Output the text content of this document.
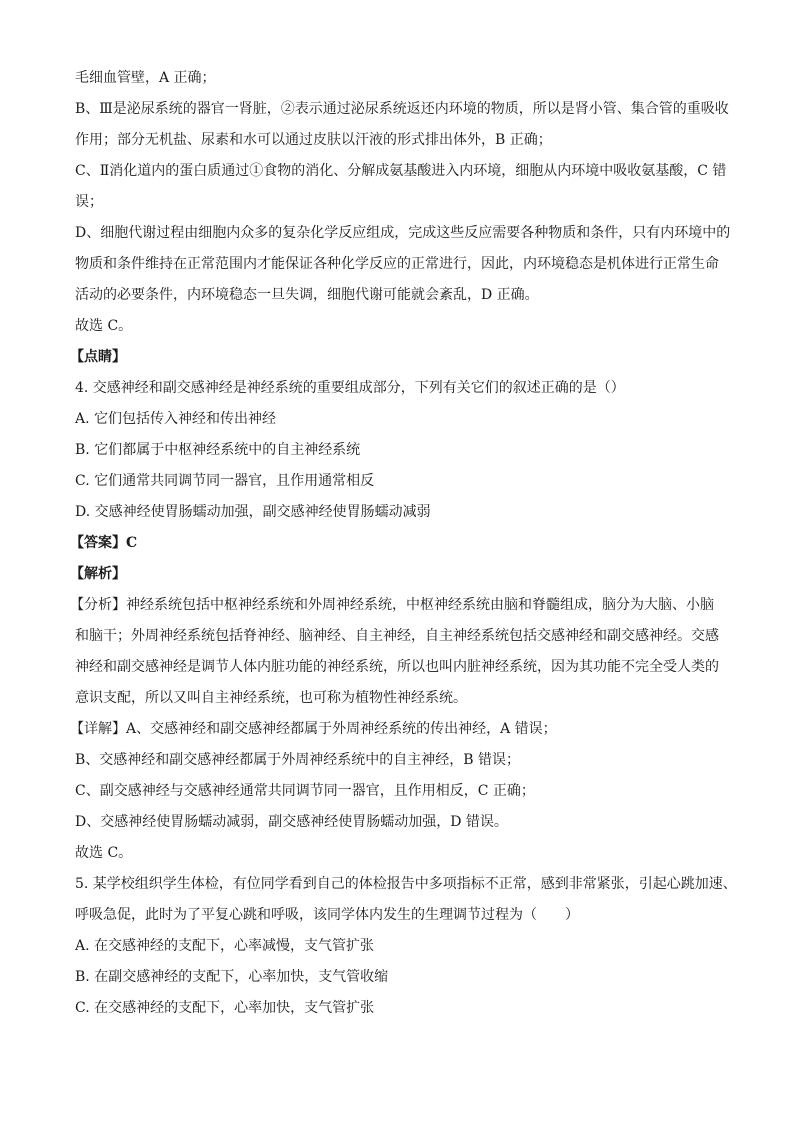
毛细血管壁，A 正确；
B、Ⅲ是泌尿系统的器官一肾脏，②表示通过泌尿系统返还内环境的物质，所以是肾小管、集合管的重吸收
作用；部分无机盐、尿素和水可以通过皮肤以汗液的形式排出体外，B 正确；
C、Ⅱ消化道内的蛋白质通过①食物的消化、分解成氨基酸进入内环境，细胞从内环境中吸收氨基酸，C 错
误；
D、细胞代谢过程由细胞内众多的复杂化学反应组成，完成这些反应需要各种物质和条件，只有内环境中的
物质和条件维持在正常范围内才能保证各种化学反应的正常进行，因此，内环境稳态是机体进行正常生命
活动的必要条件，内环境稳态一旦失调，细胞代谢可能就会紊乱，D 正确。
故选 C。
【点睛】
4. 交感神经和副交感神经是神经系统的重要组成部分，下列有关它们的叙述正确的是（）
A. 它们包括传入神经和传出神经
B. 它们都属于中枢神经系统中的自主神经系统
C. 它们通常共同调节同一器官，且作用通常相反
D. 交感神经使胃肠蠕动加强，副交感神经使胃肠蠕动减弱
【答案】C
【解析】
【分析】神经系统包括中枢神经系统和外周神经系统，中枢神经系统由脑和脊髓组成，脑分为大脑、小脑
和脑干；外周神经系统包括脊神经、脑神经、自主神经，自主神经系统包括交感神经和副交感神经。交感
神经和副交感神经是调节人体内脏功能的神经系统，所以也叫内脏神经系统，因为其功能不完全受人类的
意识支配，所以又叫自主神经系统，也可称为植物性神经系统。
【详解】A、交感神经和副交感神经都属于外周神经系统的传出神经，A 错误；
B、交感神经和副交感神经都属于外周神经系统中的自主神经，B 错误；
C、副交感神经与交感神经通常共同调节同一器官，且作用相反，C 正确；
D、交感神经使胃肠蠕动减弱，副交感神经使胃肠蠕动加强，D 错误。
故选 C。
5. 某学校组织学生体检，有位同学看到自己的体检报告中多项指标不正常，感到非常紧张，引起心跳加速、
呼吸急促，此时为了平复心跳和呼吸，该同学体内发生的生理调节过程为（　　）
A. 在交感神经的支配下，心率减慢，支气管扩张
B. 在副交感神经的支配下，心率加快，支气管收缩
C. 在交感神经的支配下，心率加快，支气管扩张
